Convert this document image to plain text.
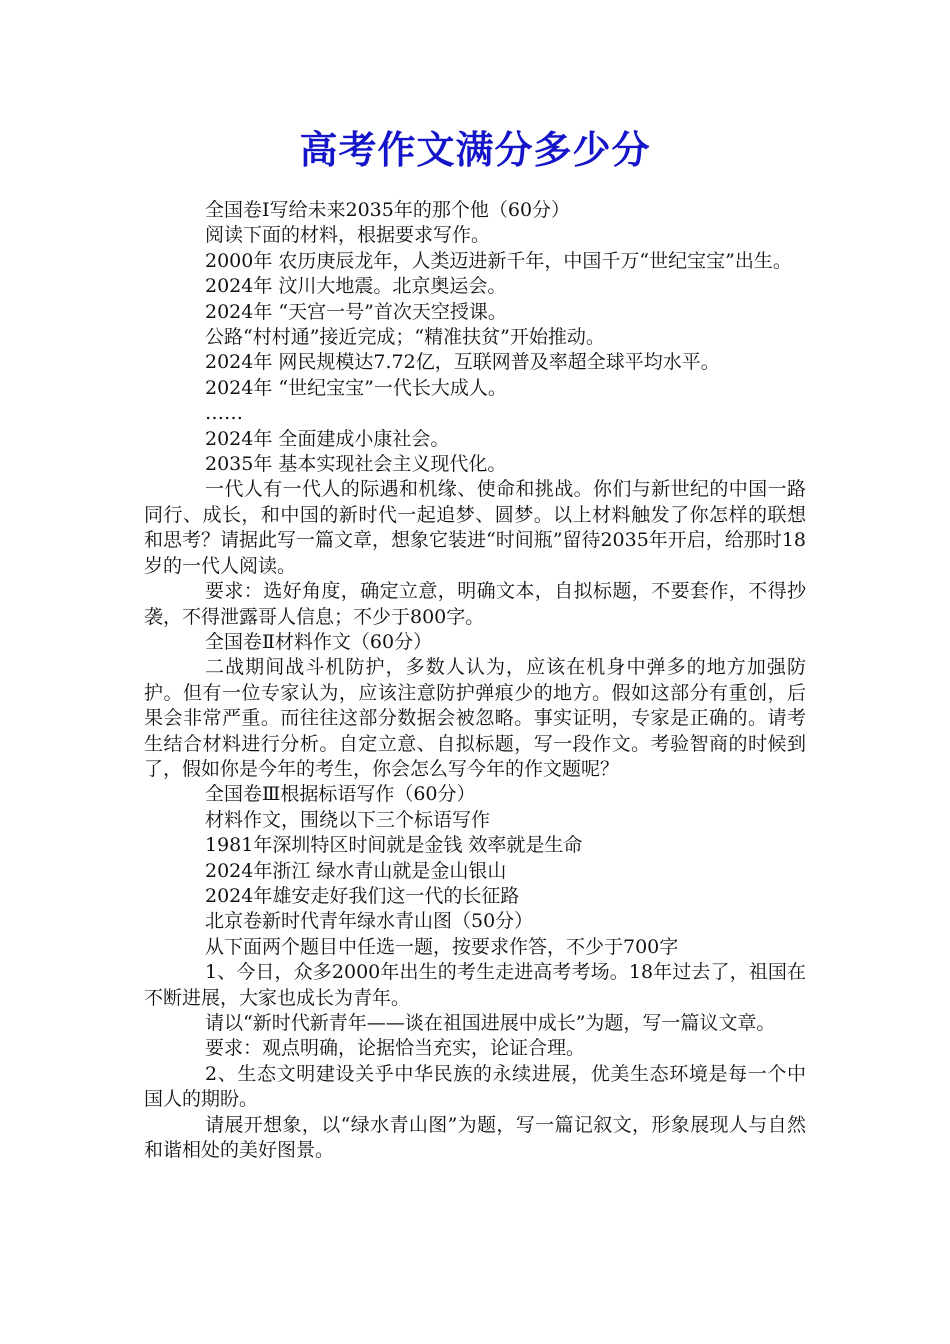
高考作文满分多少分

全国卷Ⅰ写给未来2035年的那个他（60分）

阅读下面的材料，根据要求写作。

2000年 农历庚辰龙年，人类迈进新千年，中国千万“世纪宝宝”出生。

2024年 汶川大地震。北京奥运会。

2024年 “天宫一号”首次天空授课。

公路“村村通”接近完成；“精准扶贫”开始推动。

2024年 网民规模达7.72亿，互联网普及率超全球平均水平。

2024年 “世纪宝宝”一代长大成人。

……

2024年 全面建成小康社会。

2035年 基本实现社会主义现代化。

一代人有一代人的际遇和机缘、使命和挑战。你们与新世纪的中国一路同行、成长，和中国的新时代一起追梦、圆梦。以上材料触发了你怎样的联想和思考？请据此写一篇文章，想象它装进“时间瓶”留待2035年开启，给那时18岁的一代人阅读。

要求：选好角度，确定立意，明确文本，自拟标题，不要套作，不得抄袭，不得泄露哥人信息；不少于800字。

全国卷Ⅱ材料作文（60分）

二战期间战斗机防护，多数人认为，应该在机身中弹多的地方加强防护。但有一位专家认为，应该注意防护弹痕少的地方。假如这部分有重创，后果会非常严重。而往往这部分数据会被忽略。事实证明，专家是正确的。请考生结合材料进行分析。自定立意、自拟标题，写一段作文。考验智商的时候到了，假如你是今年的考生，你会怎么写今年的作文题呢？

全国卷Ⅲ根据标语写作（60分）

材料作文，围绕以下三个标语写作

1981年深圳特区时间就是金钱 效率就是生命

2024年浙江 绿水青山就是金山银山

2024年雄安走好我们这一代的长征路

北京卷新时代青年绿水青山图（50分）

从下面两个题目中任选一题，按要求作答，不少于700字

1、今日，众多2000年出生的考生走进高考考场。18年过去了，祖国在不断进展，大家也成长为青年。

请以“新时代新青年——谈在祖国进展中成长”为题，写一篇议文章。

要求：观点明确，论据恰当充实，论证合理。

2、生态文明建设关乎中华民族的永续进展，优美生态环境是每一个中国人的期盼。

请展开想象，以“绿水青山图”为题，写一篇记叙文，形象展现人与自然和谐相处的美好图景。
